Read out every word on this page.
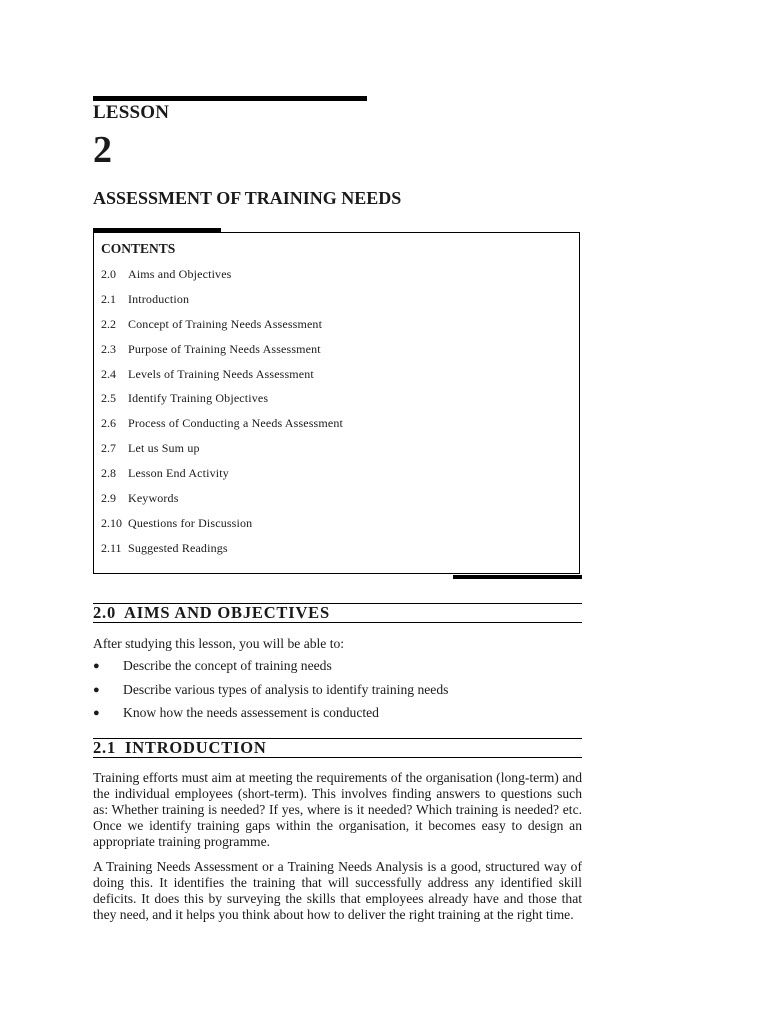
LESSON
2
ASSESSMENT OF TRAINING NEEDS
CONTENTS
2.0	Aims and Objectives
2.1	Introduction
2.2	Concept of Training Needs Assessment
2.3	Purpose of Training Needs Assessment
2.4	Levels of Training Needs Assessment
2.5	Identify Training Objectives
2.6	Process of Conducting a Needs Assessment
2.7	Let us Sum up
2.8	Lesson End Activity
2.9	Keywords
2.10 Questions for Discussion
2.11 Suggested Readings
2.0 AIMS AND OBJECTIVES
After studying this lesson, you will be able to:
●	Describe the concept of training needs
●	Describe various types of analysis to identify training needs
●	Know how the needs assessement is conducted
2.1 INTRODUCTION

Training efforts must aim at meeting the requirements of the organisation (long-term) and the individual employees (short-term). This involves finding answers to questions such as: Whether training is needed? If yes, where is it needed? Which training is needed? etc. Once we identify training gaps within the organisation, it becomes easy to design an appropriate training programme.

A Training Needs Assessment or a Training Needs Analysis is a good, structured way of doing this. It identifies the training that will successfully address any identified skill deficits. It does this by surveying the skills that employees already have and those that they need, and it helps you think about how to deliver the right training at the right time.
